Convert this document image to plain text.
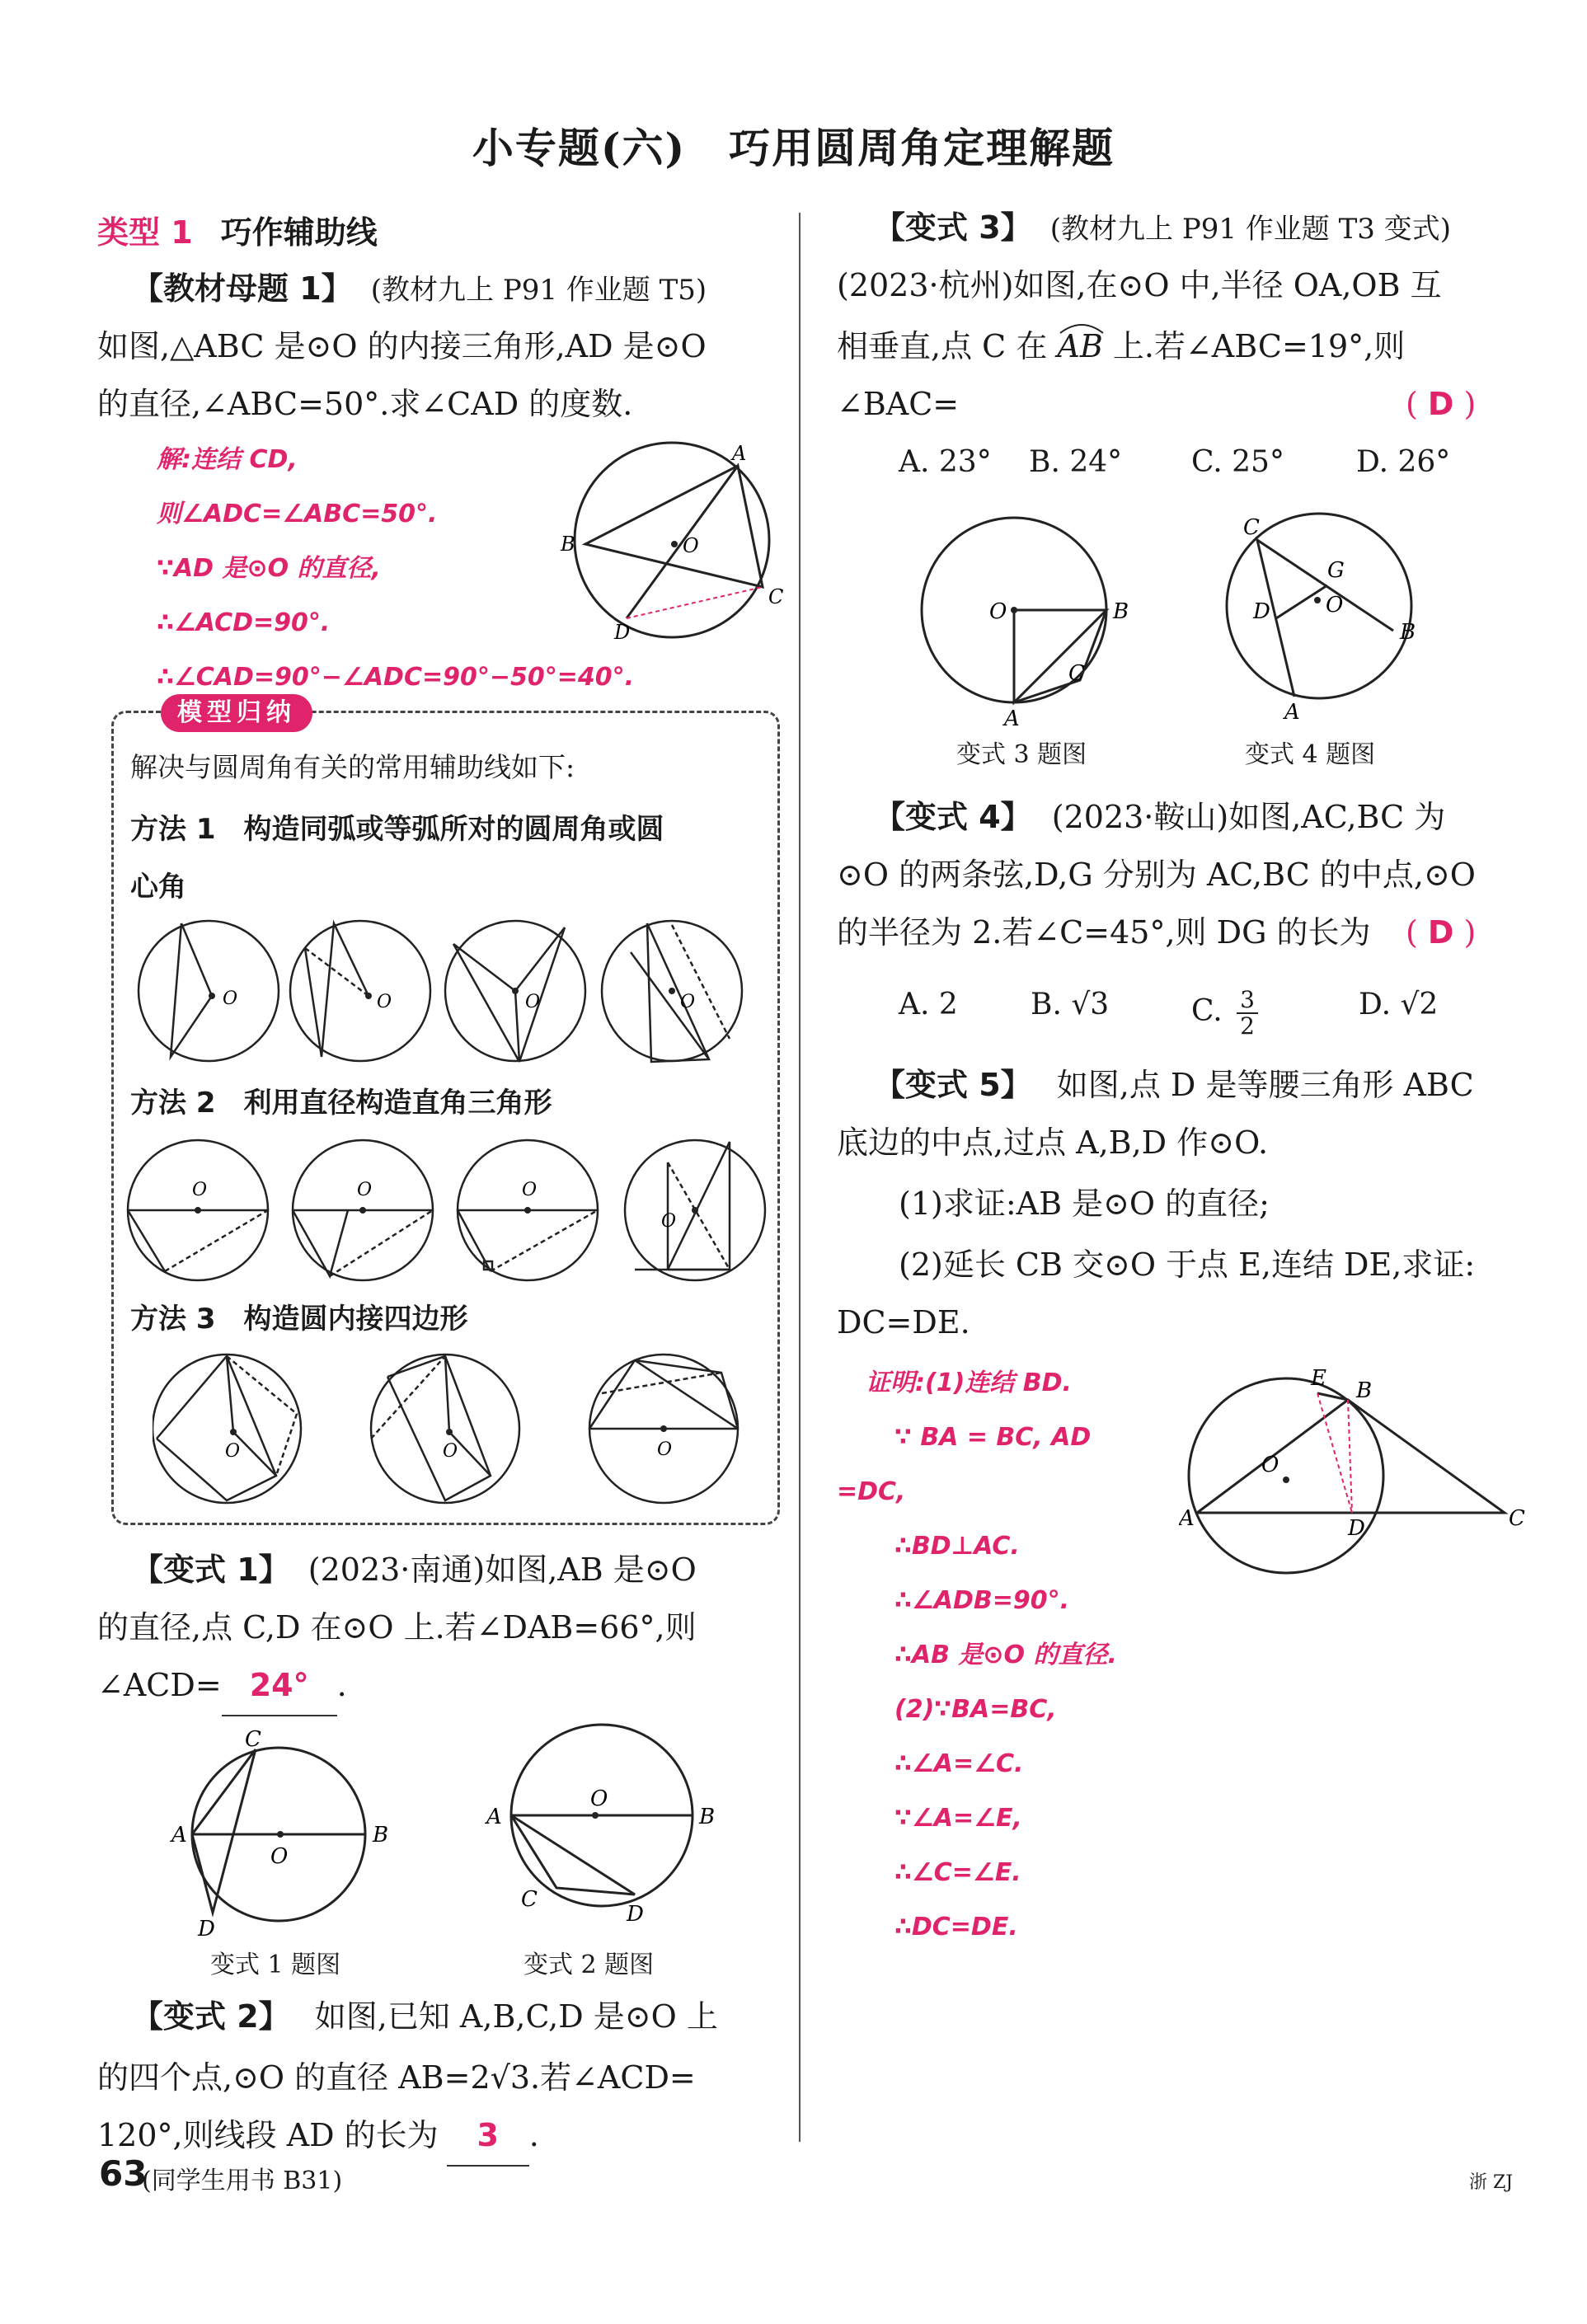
小专题(六)　巧用圆周角定理解题
类型 1 巧作辅助线
【教材母题 1】 (教材九上 P91 作业题 T5)
如图,△ABC 是⊙O 的内接三角形,AD 是⊙O
的直径,∠ABC=50°.求∠CAD 的度数.
解:连结 CD,
则∠ADC=∠ABC=50°.
∵AD 是⊙O 的直径,
∴∠ACD=90°.
∴∠CAD=90°−∠ADC=90°−50°=40°.
A
B
C
D
O
模型归纳
解决与圆周角有关的常用辅助线如下:
方法 1　构造同弧或等弧所对的圆周角或圆
心角
O	O	O	O
方法 2　利用直径构造直角三角形
O	O	O
O
方法 3　构造圆内接四边形
O	O	O
【变式 1】 (2023·南通)如图,AB 是⊙O
的直径,点 C,D 在⊙O 上.若∠DAB=66°,则
∠ACD= 24° .
C
A	B
D
O
变式 1 题图
O
A	B
C
D
变式 2 题图
【变式 2】 如图,已知 A,B,C,D 是⊙O 上
的四个点,⊙O 的直径 AB=2√3.若∠ACD=
120°,则线段 AD 的长为 3 .
【变式 3】 (教材九上 P91 作业题 T3 变式)
(2023·杭州)如图,在⊙O 中,半径 OA,OB 互
相垂直,点 C 在 AB 上.若∠ABC=19°,则
∠BAC=	( D )
A. 23° B. 24° C. 25° D. 26°
O	B
A
C
变式 3 题图
C
G
D	O
B
A
变式 4 题图
【变式 4】 (2023·鞍山)如图,AC,BC 为
⊙O 的两条弦,D,G 分别为 AC,BC 的中点,⊙O
的半径为 2.若∠C=45°,则 DG 的长为 ( D )
A. 2 B. √3	C. $\frac{3}{2}$	D. √2
【变式 5】 如图,点 D 是等腰三角形 ABC
底边的中点,过点 A,B,D 作⊙O.
(1)求证:AB 是⊙O 的直径;
(2)延长 CB 交⊙O 于点 E,连结 DE,求证:
DC=DE.
证明:(1)连结 BD.
∵ BA = BC, AD
=DC,
∴BD⊥AC.
∴∠ADB=90°.
∴AB 是⊙O 的直径.
(2)∵BA=BC,
∴∠A=∠C.
∵∠A=∠E,
∴∠C=∠E.
∴DC=DE.
E B
O
A	D	C
63
(同学生用书 B31)	浙 ZJ
